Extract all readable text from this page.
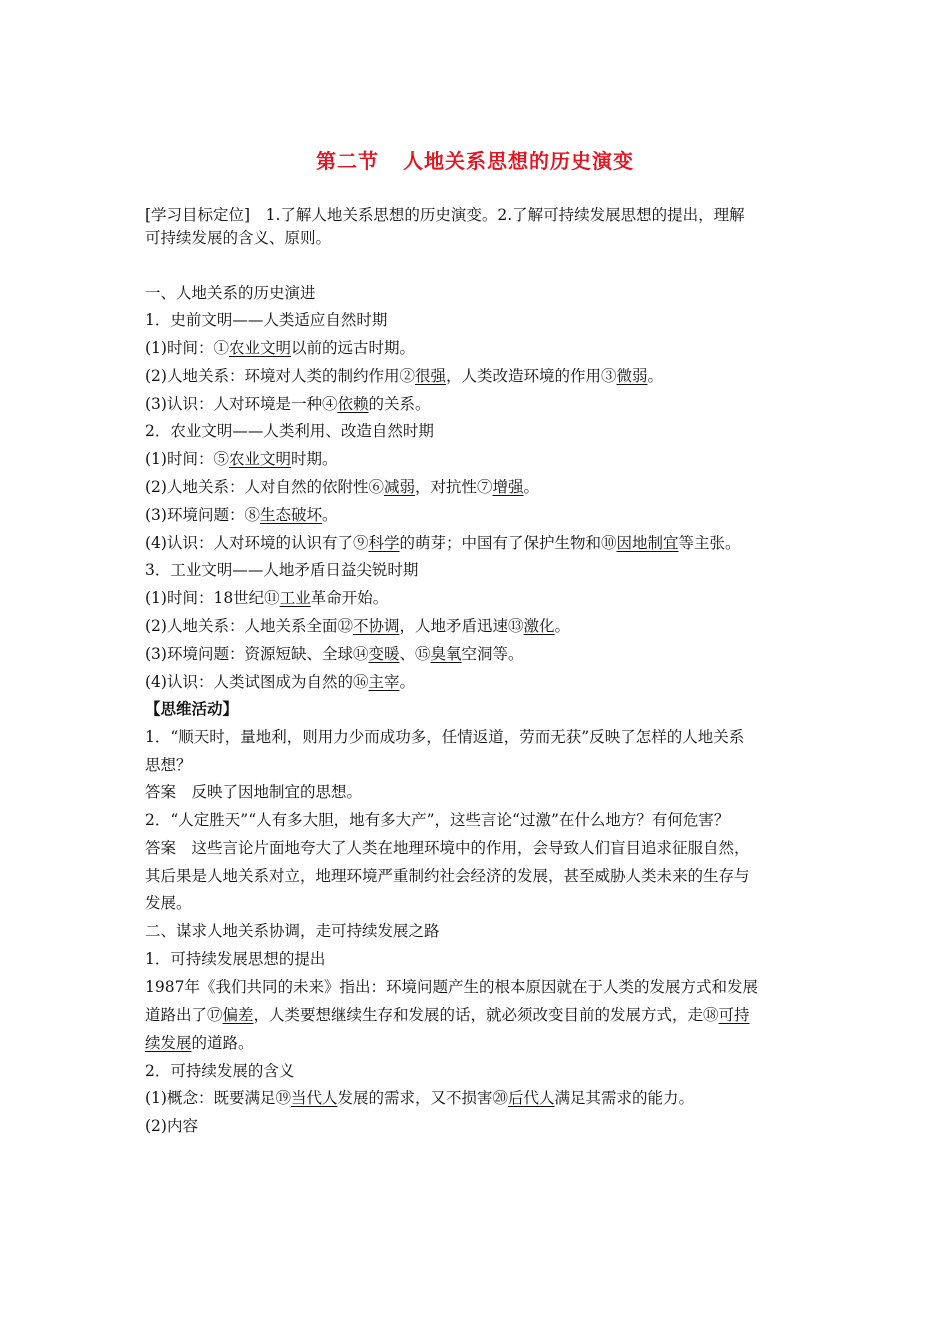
第二节 人地关系思想的历史演变
[学习目标定位]　1.了解人地关系思想的历史演变。2.了解可持续发展思想的提出，理解
可持续发展的含义、原则。
一、人地关系的历史演进
1．史前文明——人类适应自然时期
(1)时间：①农业文明以前的远古时期。
(2)人地关系：环境对人类的制约作用②很强，人类改造环境的作用③微弱。
(3)认识：人对环境是一种④依赖的关系。
2．农业文明——人类利用、改造自然时期
(1)时间：⑤农业文明时期。
(2)人地关系：人对自然的依附性⑥减弱，对抗性⑦增强。
(3)环境问题：⑧生态破坏。
(4)认识：人对环境的认识有了⑨科学的萌芽；中国有了保护生物和⑩因地制宜等主张。
3．工业文明——人地矛盾日益尖锐时期
(1)时间：18世纪⑪工业革命开始。
(2)人地关系：人地关系全面⑫不协调，人地矛盾迅速⑬激化。
(3)环境问题：资源短缺、全球⑭变暖、⑮臭氧空洞等。
(4)认识：人类试图成为自然的⑯主宰。
【思维活动】
1．“顺天时，量地利，则用力少而成功多，任情返道，劳而无获”反映了怎样的人地关系
思想？
答案　反映了因地制宜的思想。
2．“人定胜天”“人有多大胆，地有多大产”，这些言论“过激”在什么地方？有何危害？
答案　这些言论片面地夸大了人类在地理环境中的作用，会导致人们盲目追求征服自然，
其后果是人地关系对立，地理环境严重制约社会经济的发展，甚至威胁人类未来的生存与
发展。
二、谋求人地关系协调，走可持续发展之路
1．可持续发展思想的提出
1987年《我们共同的未来》指出：环境问题产生的根本原因就在于人类的发展方式和发展
道路出了⑰偏差，人类要想继续生存和发展的话，就必须改变目前的发展方式，走⑱可持
续发展的道路。
2．可持续发展的含义
(1)概念：既要满足⑲当代人发展的需求，又不损害⑳后代人满足其需求的能力。
(2)内容
